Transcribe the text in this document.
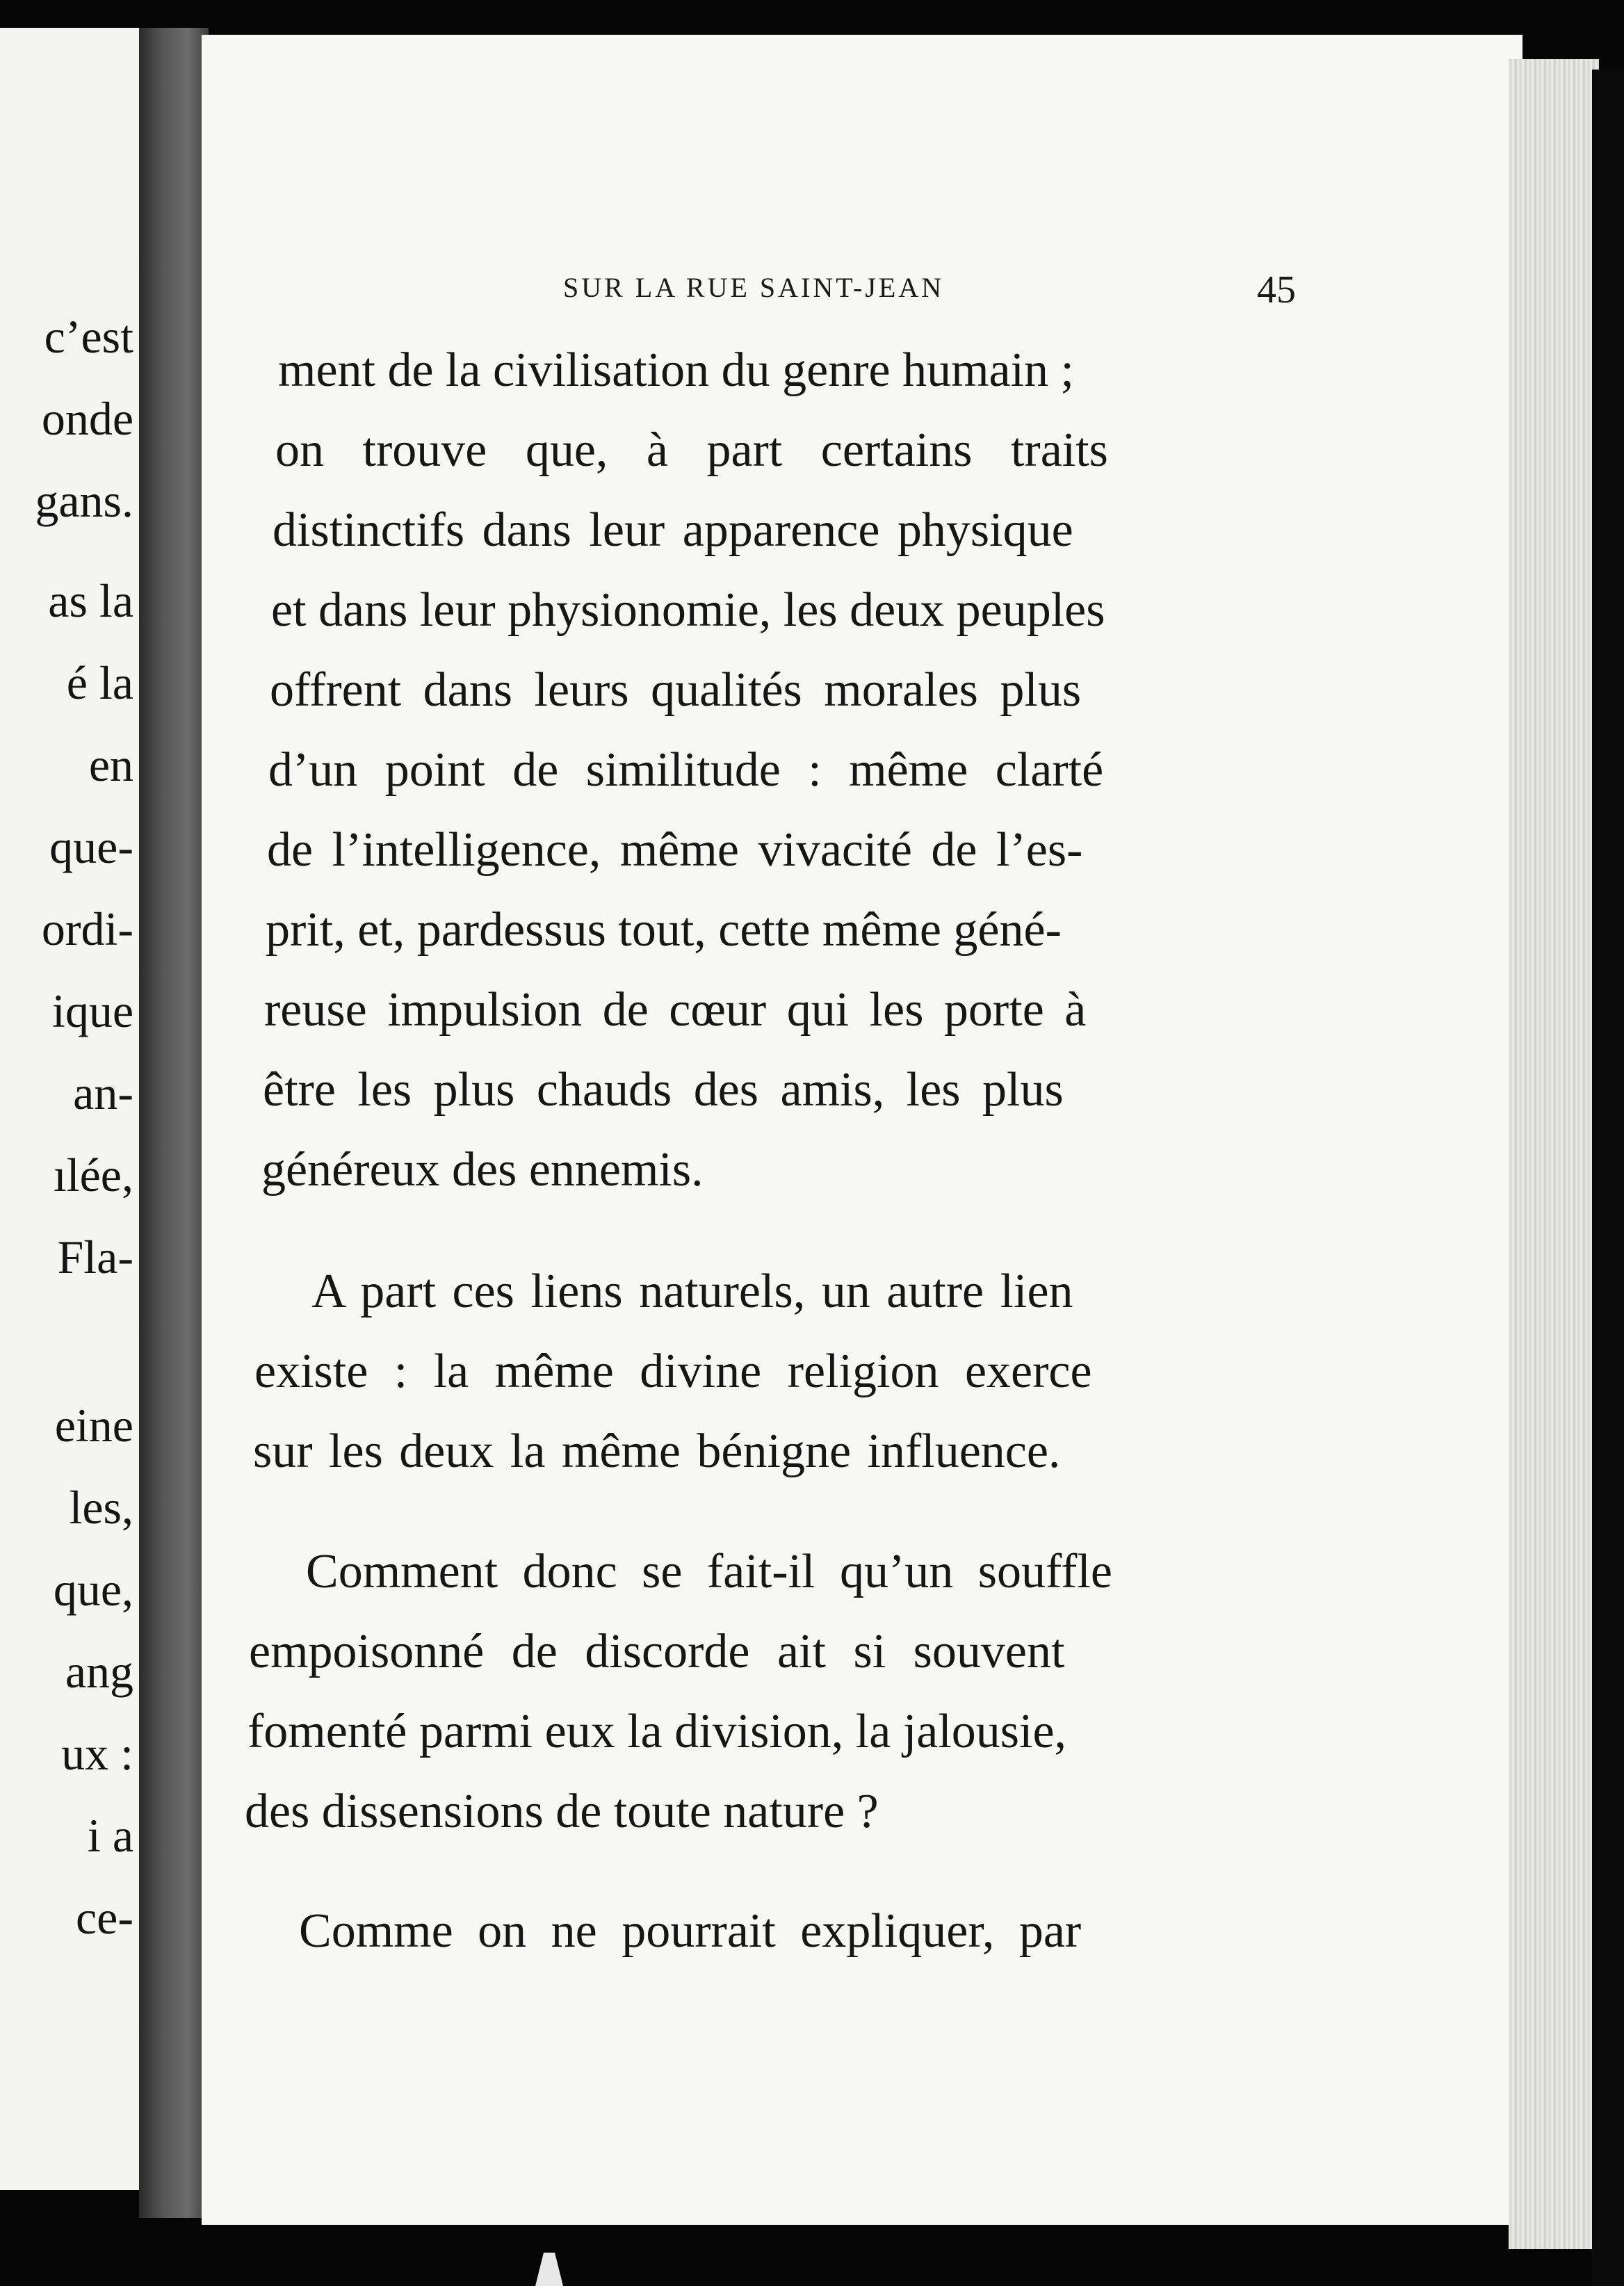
c’est
onde
gans.
as la
é la
en
que-
ordi-
ique
an-
ılée,
Fla-
eine
les,
que,
ang
ux :
i a
ce-
SUR LA RUE SAINT-JEAN	45
ment de la civilisation du genre humain ;
on trouve que, à part certains traits
distinctifs dans leur apparence physique
et dans leur physionomie, les deux peuples
offrent dans leurs qualités morales plus
d’un point de similitude : même clarté
de l’intelligence, même vivacité de l’es-
prit, et, pardessus tout, cette même géné-
reuse impulsion de cœur qui les porte à
être les plus chauds des amis, les plus
généreux des ennemis.
A part ces liens naturels, un autre lien
existe : la même divine religion exerce
sur les deux la même bénigne influence.
Comment donc se fait-il qu’un souffle
empoisonné de discorde ait si souvent
fomenté parmi eux la division, la jalousie,
des dissensions de toute nature ?
Comme on ne pourrait expliquer, par
